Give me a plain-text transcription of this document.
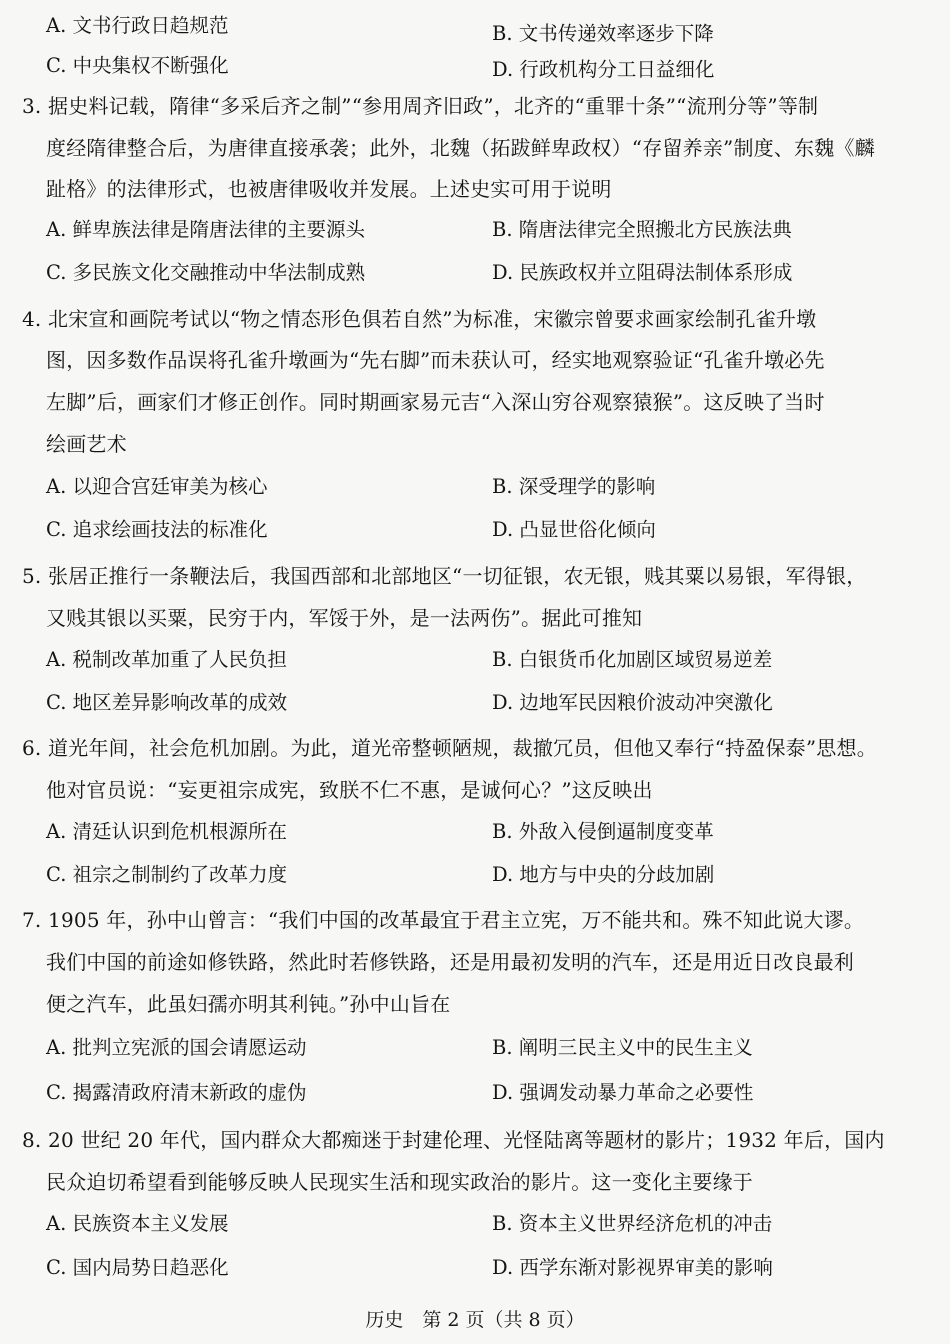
A. 文书行政日趋规范	B. 文书传递效率逐步下降
C. 中央集权不断强化	D. 行政机构分工日益细化
3. 据史料记载，隋律“多采后齐之制”“参用周齐旧政”，北齐的“重罪十条”“流刑分等”等制
度经隋律整合后，为唐律直接承袭；此外，北魏（拓跋鲜卑政权）“存留养亲”制度、东魏《麟
趾格》的法律形式，也被唐律吸收并发展。上述史实可用于说明
A. 鲜卑族法律是隋唐法律的主要源头	B. 隋唐法律完全照搬北方民族法典
C. 多民族文化交融推动中华法制成熟	D. 民族政权并立阻碍法制体系形成
4. 北宋宣和画院考试以“物之情态形色俱若自然”为标准，宋徽宗曾要求画家绘制孔雀升墩
图，因多数作品误将孔雀升墩画为“先右脚”而未获认可，经实地观察验证“孔雀升墩必先
左脚”后，画家们才修正创作。同时期画家易元吉“入深山穷谷观察猿猴”。这反映了当时
绘画艺术
A. 以迎合宫廷审美为核心	B. 深受理学的影响
C. 追求绘画技法的标准化	D. 凸显世俗化倾向
5. 张居正推行一条鞭法后，我国西部和北部地区“一切征银，农无银，贱其粟以易银，军得银，
又贱其银以买粟，民穷于内，军馁于外，是一法两伤”。据此可推知
A. 税制改革加重了人民负担	B. 白银货币化加剧区域贸易逆差
C. 地区差异影响改革的成效	D. 边地军民因粮价波动冲突激化
6. 道光年间，社会危机加剧。为此，道光帝整顿陋规，裁撤冗员，但他又奉行“持盈保泰”思想。
他对官员说：“妄更祖宗成宪，致朕不仁不惠，是诚何心？”这反映出
A. 清廷认识到危机根源所在	B. 外敌入侵倒逼制度变革
C. 祖宗之制制约了改革力度	D. 地方与中央的分歧加剧
7. 1905 年，孙中山曾言：“我们中国的改革最宜于君主立宪，万不能共和。殊不知此说大谬。
我们中国的前途如修铁路，然此时若修铁路，还是用最初发明的汽车，还是用近日改良最利
便之汽车，此虽妇孺亦明其利钝。”孙中山旨在
A. 批判立宪派的国会请愿运动	B. 阐明三民主义中的民生主义
C. 揭露清政府清末新政的虚伪	D. 强调发动暴力革命之必要性
8. 20 世纪 20 年代，国内群众大都痴迷于封建伦理、光怪陆离等题材的影片；1932 年后，国内
民众迫切希望看到能够反映人民现实生活和现实政治的影片。这一变化主要缘于
A. 民族资本主义发展	B. 资本主义世界经济危机的冲击
C. 国内局势日趋恶化	D. 西学东渐对影视界审美的影响
历史　第 2 页（共 8 页）
